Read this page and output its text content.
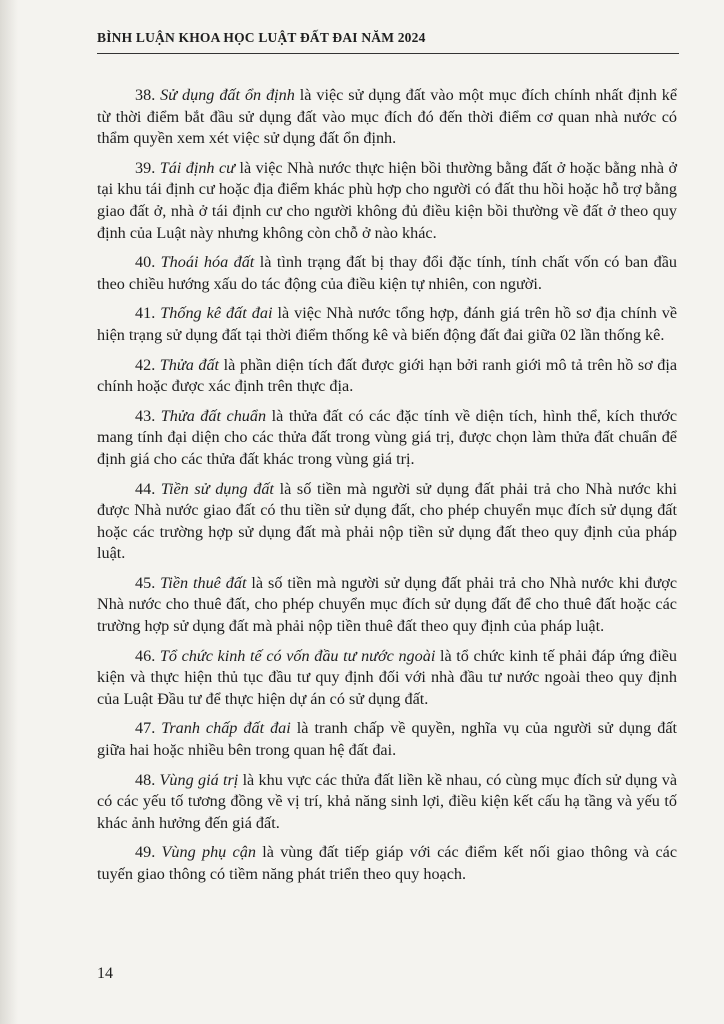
BÌNH LUẬN KHOA HỌC LUẬT ĐẤT ĐAI NĂM 2024

38. Sử dụng đất ổn định là việc sử dụng đất vào một mục đích chính nhất định kể từ thời điểm bắt đầu sử dụng đất vào mục đích đó đến thời điểm cơ quan nhà nước có thẩm quyền xem xét việc sử dụng đất ổn định.

39. Tái định cư là việc Nhà nước thực hiện bồi thường bằng đất ở hoặc bằng nhà ở tại khu tái định cư hoặc địa điểm khác phù hợp cho người có đất thu hồi hoặc hỗ trợ bằng giao đất ở, nhà ở tái định cư cho người không đủ điều kiện bồi thường về đất ở theo quy định của Luật này nhưng không còn chỗ ở nào khác.

40. Thoái hóa đất là tình trạng đất bị thay đổi đặc tính, tính chất vốn có ban đầu theo chiều hướng xấu do tác động của điều kiện tự nhiên, con người.

41. Thống kê đất đai là việc Nhà nước tổng hợp, đánh giá trên hồ sơ địa chính về hiện trạng sử dụng đất tại thời điểm thống kê và biến động đất đai giữa 02 lần thống kê.

42. Thửa đất là phần diện tích đất được giới hạn bởi ranh giới mô tả trên hồ sơ địa chính hoặc được xác định trên thực địa.

43. Thửa đất chuẩn là thửa đất có các đặc tính về diện tích, hình thể, kích thước mang tính đại diện cho các thửa đất trong vùng giá trị, được chọn làm thửa đất chuẩn để định giá cho các thửa đất khác trong vùng giá trị.

44. Tiền sử dụng đất là số tiền mà người sử dụng đất phải trả cho Nhà nước khi được Nhà nước giao đất có thu tiền sử dụng đất, cho phép chuyển mục đích sử dụng đất hoặc các trường hợp sử dụng đất mà phải nộp tiền sử dụng đất theo quy định của pháp luật.

45. Tiền thuê đất là số tiền mà người sử dụng đất phải trả cho Nhà nước khi được Nhà nước cho thuê đất, cho phép chuyển mục đích sử dụng đất để cho thuê đất hoặc các trường hợp sử dụng đất mà phải nộp tiền thuê đất theo quy định của pháp luật.

46. Tổ chức kinh tế có vốn đầu tư nước ngoài là tổ chức kinh tế phải đáp ứng điều kiện và thực hiện thủ tục đầu tư quy định đối với nhà đầu tư nước ngoài theo quy định của Luật Đầu tư để thực hiện dự án có sử dụng đất.

47. Tranh chấp đất đai là tranh chấp về quyền, nghĩa vụ của người sử dụng đất giữa hai hoặc nhiều bên trong quan hệ đất đai.

48. Vùng giá trị là khu vực các thửa đất liền kề nhau, có cùng mục đích sử dụng và có các yếu tố tương đồng về vị trí, khả năng sinh lợi, điều kiện kết cấu hạ tầng và yếu tố khác ảnh hưởng đến giá đất.

49. Vùng phụ cận là vùng đất tiếp giáp với các điểm kết nối giao thông và các tuyến giao thông có tiềm năng phát triển theo quy hoạch.

14
